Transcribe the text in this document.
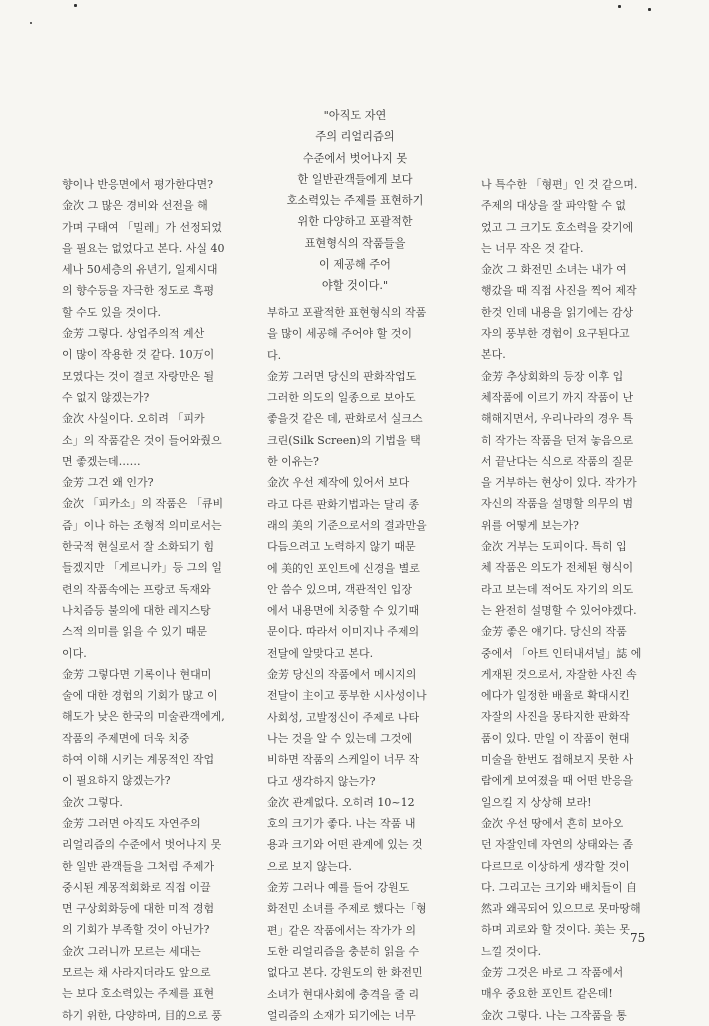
"아직도 자연
주의 리얼리즘의
수준에서 벗어나지 못
한 일반관객들에게 보다
호소력있는 주제를 표현하기
위한 다양하고 포괄적한
표현형식의 작품들을
이 제공해 주어
야할 것이다."

향이나 반응면에서 평가한다면?

金次 그 많은 경비와 선전을 해

가며 구태여 「밀레」가 선정되었

을 필요는 없었다고 본다. 사실 40

세나 50세층의 유년기, 일제시대

의 향수등을 자극한 정도로 흑평

할 수도 있을 것이다.

金芳 그렇다. 상업주의적 계산

이 많이 작용한 것 같다. 10万이

모였다는 것이 결코 자랑만은 될

수 없지 않겠는가?

金次 사실이다. 오히려 「피카

소」의 작품같은 것이 들어와줬으

면 좋겠는데……

金芳 그건 왜 인가?

金次 「피카소」의 작품은 「큐비

즘」이나 하는 조형적 의미로서는

한국적 현실로서 잘 소화되기 힘

들겠지만 「게르니카」등 그의 일

련의 작품속에는 프랑코 독재와

나치즘등 불의에 대한 레지스탕

스적 의미를 읽을 수 있기 때문

이다.

金芳 그렇다면 기록이나 현대미

술에 대한 경험의 기회가 많고 이

해도가 낮은 한국의 미술관객에게,

작품의 주제면에 더욱 치중

하여 이해 시키는 계몽적인 작업

이 필요하지 않겠는가?

金次 그렇다.

金芳 그러면 아직도 자연주의

리얼리즘의 수준에서 벗어나지 못

한 일반 관객들을 그처럼 주제가

중시된 계몽적회화로 직접 이끌

면 구상회화등에 대한 미적 경험

의 기회가 부족할 것이 아닌가?

金次 그러니까 모르는 세대는

모르는 채 사라지더라도 앞으로

는 보다 호소력있는 주제를 표현

하기 위한, 다양하며, 目的으로 풍

부하고 포괄적한 표현형식의 작품

을 많이 세공해 주어야 할 것이

다.

金芳 그러면 당신의 판화작업도

그러한 의도의 일종으로 보아도

좋을것 같은 데, 판화로서 실크스

크린(Silk Screen)의 기법을 택

한 이유는?

金次 우선 제작에 있어서 보다

라고 다른 판화기법과는 달리 종

래의 美의 기준으로서의 결과만을

다듬으려고 노력하지 않기 때문

에 美的인 포인트에 신경을 별로

안 씀수 있으며, 객관적인 입장

에서 내용면에 치중할 수 있기때

문이다. 따라서 이미지나 주제의

전달에 알맞다고 본다.

金芳 당신의 작품에서 메시지의

전달이 主이고 풍부한 시사성이나

사회성, 고발정신이 주제로 나타

나는 것을 알 수 있는데 그것에

비하면 작품의 스케일이 너무 작

다고 생각하지 않는가?

金次 관계없다. 오히려 10~12

호의 크기가 좋다. 나는 작품 내

용과 크기와 어떤 관계에 있는 것

으로 보지 않는다.

金芳 그러나 예를 들어 강원도

화전민 소녀를 주제로 했다는「형

편」같은 작품에서는 작가가 의

도한 리얼리즘을 충분히 읽을 수

없다고 본다. 강원도의 한 화전민

소녀가 현대사회에 충격을 줄 리

얼리즘의 소재가 되기에는 너무

나 특수한 「형편」인 것 같으며.

주제의 대상을 잘 파악할 수 없

었고 그 크기도 호소력을 갖기에

는 너무 작은 것 같다.

金次 그 화전민 소녀는 내가 여

행갔을 때 직접 사진을 찍어 제작

한것 인데 내용을 읽기에는 감상

자의 풍부한 경험이 요구된다고

본다.

金芳 추상회화의 등장 이후 입

체작품에 이르기 까지 작품이 난

해해지면서, 우리나라의 경우 특

히 작가는 작품을 던져 놓음으로

서 끝난다는 식으로 작품의 질문

을 거부하는 현상이 있다. 작가가

자신의 작품을 설명할 의무의 범

위를 어떻게 보는가?

金次 거부는 도피이다. 특히 입

체 작품은 의도가 전체된 형식이

라고 보는데 적어도 자기의 의도

는 완전히 설명할 수 있어야겠다.

金芳 좋은 얘기다. 당신의 작품

중에서 「아트 인터내셔널」誌 에

게재된 것으로서, 자잘한 사진 속

에다가 일정한 배율로 확대시킨

자잘의 사진을 몽타지한 판화작

품이 있다. 만일 이 작품이 현대

미술을 한번도 접해보지 못한 사

람에게 보여졌을 때 어떤 반응을

일으킬 지 상상해 보라!

金次 우선 땅에서 흔히 보아오

던 자잘인데 자연의 상태와는 좀

다르므로 이상하게 생각할 것이

다. 그리고는 크기와 배치들이 自

然과 왜곡되어 있으므로 못마땅해

하며 괴로와 할 것이다. 美는 못

느낄 것이다.

金芳 그것은 바로 그 작품에서

매우 중요한 포인트 같은데!

金次 그렇다. 나는 그작품을 통

75
